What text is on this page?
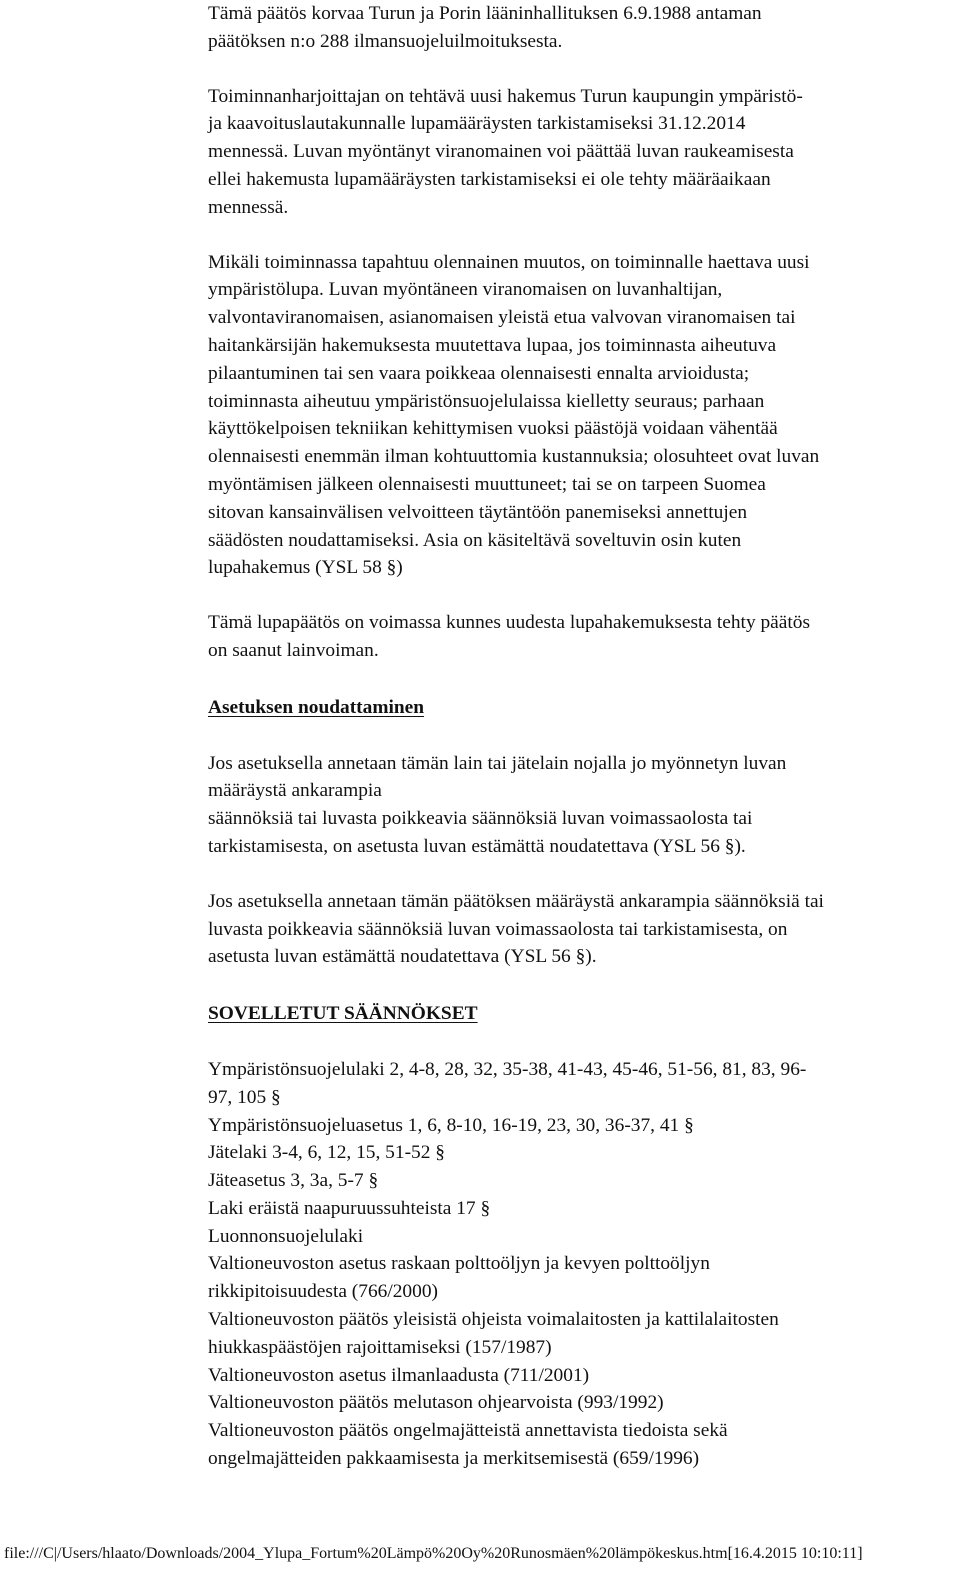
Tämä päätös korvaa Turun ja Porin lääninhallituksen 6.9.1988 antaman
päätöksen n:o 288 ilmansuojeluilmoituksesta.

Toiminnanharjoittajan on tehtävä uusi hakemus Turun kaupungin ympäristö-
ja kaavoituslautakunnalle lupamääräysten tarkistamiseksi 31.12.2014
mennessä. Luvan myöntänyt viranomainen voi päättää luvan raukeamisesta
ellei hakemusta lupamääräysten tarkistamiseksi ei ole tehty määräaikaan
mennessä.

Mikäli toiminnassa tapahtuu olennainen muutos, on toiminnalle haettava uusi
ympäristölupa. Luvan myöntäneen viranomaisen on luvanhaltijan,
valvontaviranomaisen, asianomaisen yleistä etua valvovan viranomaisen tai
haitankärsijän hakemuksesta muutettava lupaa, jos toiminnasta aiheutuva
pilaantuminen tai sen vaara poikkeaa olennaisesti ennalta arvioidusta;
toiminnasta aiheutuu ympäristönsuojelulaissa kielletty seuraus; parhaan
käyttökelpoisen tekniikan kehittymisen vuoksi päästöjä voidaan vähentää
olennaisesti enemmän ilman kohtuuttomia kustannuksia; olosuhteet ovat luvan
myöntämisen jälkeen olennaisesti muuttuneet; tai se on tarpeen Suomea
sitovan kansainvälisen velvoitteen täytäntöön panemiseksi annettujen
säädösten noudattamiseksi. Asia on käsiteltävä soveltuvin osin kuten
lupahakemus (YSL 58 §)

Tämä lupapäätös on voimassa kunnes uudesta lupahakemuksesta tehty päätös
on saanut lainvoiman.

Asetuksen noudattaminen

Jos asetuksella annetaan tämän lain tai jätelain nojalla jo myönnetyn luvan
määräystä ankarampia
säännöksiä tai luvasta poikkeavia säännöksiä luvan voimassaolosta tai
tarkistamisesta, on asetusta luvan estämättä noudatettava (YSL 56 §).

Jos asetuksella annetaan tämän päätöksen määräystä ankarampia säännöksiä tai
luvasta poikkeavia säännöksiä luvan voimassaolosta tai tarkistamisesta, on
asetusta luvan estämättä noudatettava (YSL 56 §).

SOVELLETUT SÄÄNNÖKSET
Ympäristönsuojelulaki 2, 4-8, 28, 32, 35-38, 41-43, 45-46, 51-56, 81, 83, 96-
97, 105 §
Ympäristönsuojeluasetus 1, 6, 8-10, 16-19, 23, 30, 36-37, 41 §
Jätelaki 3-4, 6, 12, 15, 51-52 §
Jäteasetus 3, 3a, 5-7 §
Laki eräistä naapuruussuhteista 17 §
Luonnonsuojelulaki
Valtioneuvoston asetus raskaan polttoöljyn ja kevyen polttoöljyn
rikkipitoisuudesta (766/2000)
Valtioneuvoston päätös yleisistä ohjeista voimalaitosten ja kattilalaitosten
hiukkaspäästöjen rajoittamiseksi (157/1987)
Valtioneuvoston asetus ilmanlaadusta (711/2001)
Valtioneuvoston päätös melutason ohjearvoista (993/1992)
Valtioneuvoston päätös ongelmajätteistä annettavista tiedoista sekä
ongelmajätteiden pakkaamisesta ja merkitsemisestä (659/1996)
file:///C|/Users/hlaato/Downloads/2004_Ylupa_Fortum%20Lämpö%20Oy%20Runosmäen%20lämpökeskus.htm[16.4.2015 10:10:11]
